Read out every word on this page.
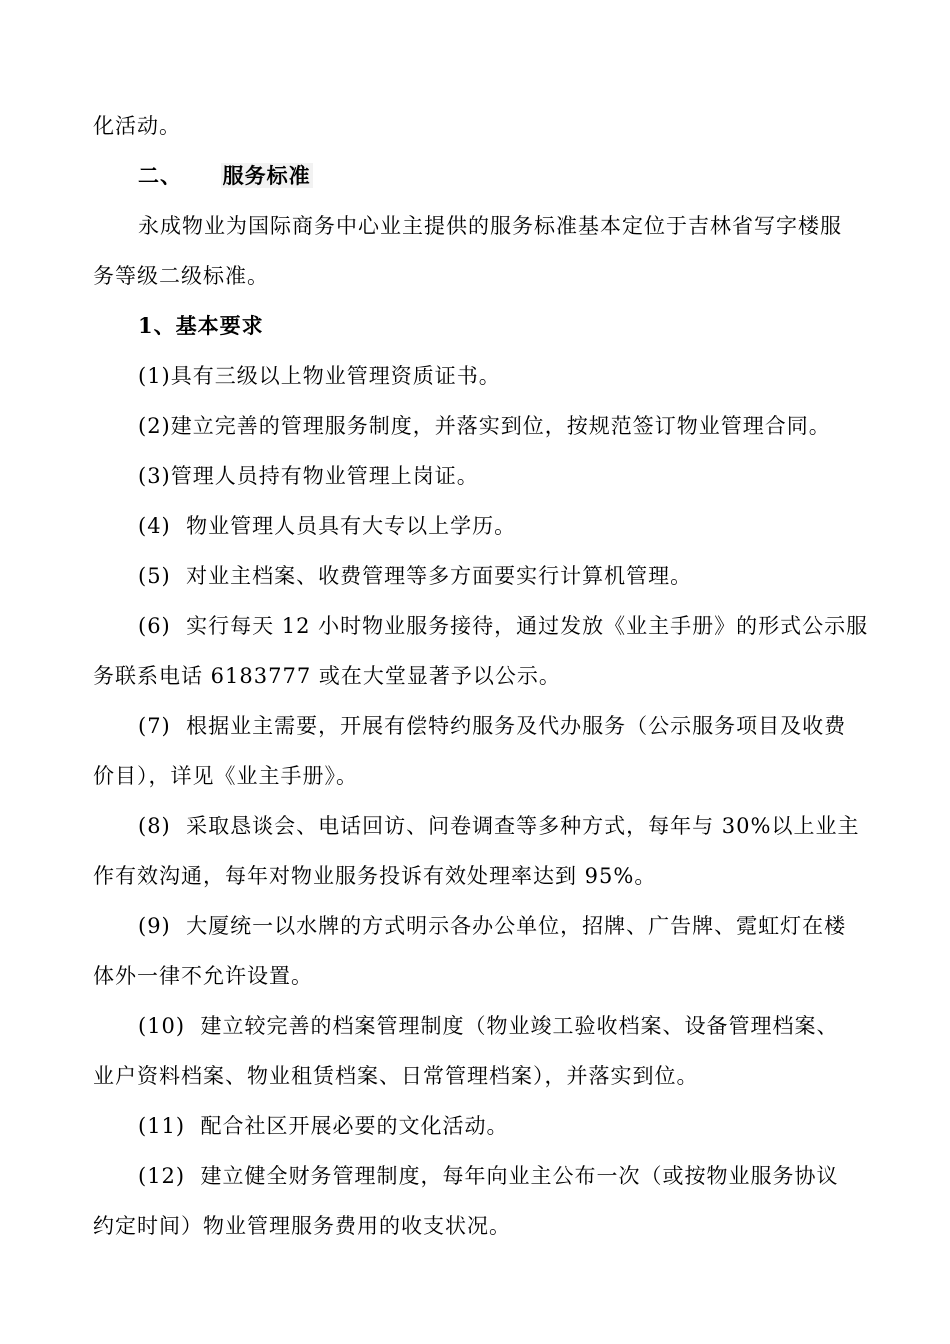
化活动。
二、 服务标准
永成物业为国际商务中心业主提供的服务标准基本定位于吉林省写字楼服
务等级二级标准。
1、基本要求
(1)具有三级以上物业管理资质证书。
(2)建立完善的管理服务制度，并落实到位，按规范签订物业管理合同。
(3)管理人员持有物业管理上岗证。
(4)  物业管理人员具有大专以上学历。
(5)  对业主档案、收费管理等多方面要实行计算机管理。
(6)  实行每天 12 小时物业服务接待，通过发放《业主手册》的形式公示服
务联系电话 6183777 或在大堂显著予以公示。
(7)  根据业主需要，开展有偿特约服务及代办服务（公示服务项目及收费
价目），详见《业主手册》。
(8)  采取恳谈会、电话回访、问卷调查等多种方式，每年与 30%以上业主
作有效沟通，每年对物业服务投诉有效处理率达到 95%。
(9)  大厦统一以水牌的方式明示各办公单位，招牌、广告牌、霓虹灯在楼
体外一律不允许设置。
(10)  建立较完善的档案管理制度（物业竣工验收档案、设备管理档案、
业户资料档案、物业租赁档案、日常管理档案），并落实到位。
(11)  配合社区开展必要的文化活动。
(12)  建立健全财务管理制度，每年向业主公布一次（或按物业服务协议
约定时间）物业管理服务费用的收支状况。
